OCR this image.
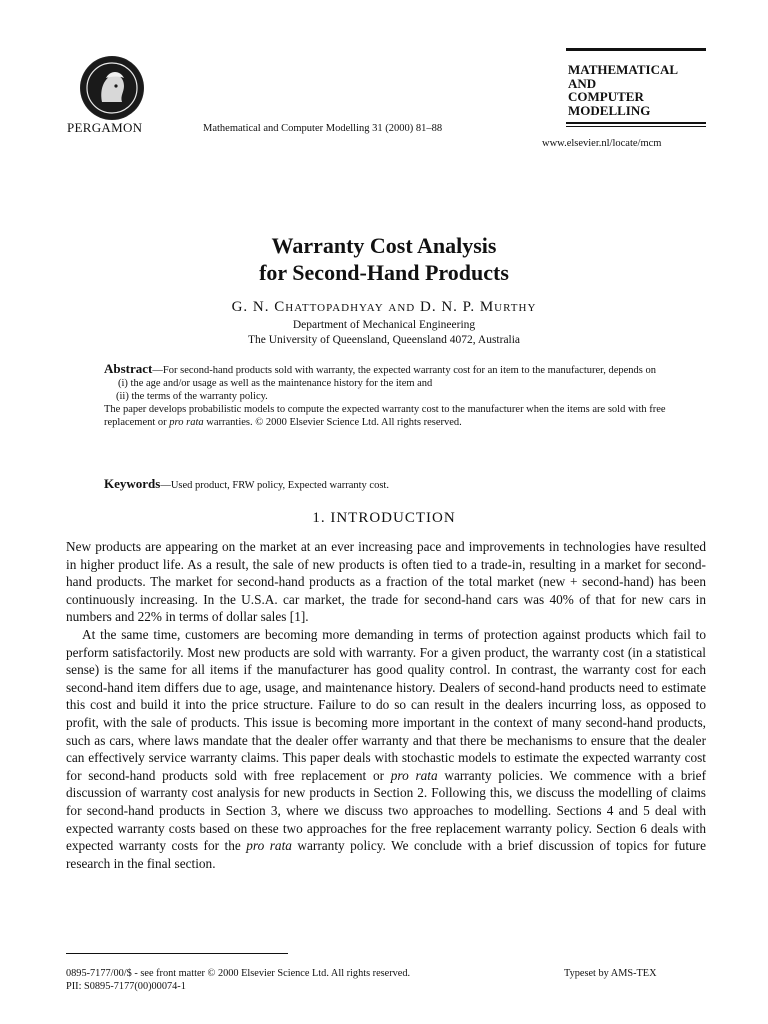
PERGAMON	Mathematical and Computer Modelling 31 (2000) 81–88
MATHEMATICAL
AND
COMPUTER
MODELLING
www.elsevier.nl/locate/mcm
Warranty Cost Analysis
for Second-Hand Products
G. N. Chattopadhyay and D. N. P. Murthy
Department of Mechanical Engineering
The University of Queensland, Queensland 4072, Australia

Abstract—For second-hand products sold with warranty, the expected warranty cost for an item to the manufacturer, depends on

(i) the age and/or usage as well as the maintenance history for the item and
(ii) the terms of the warranty policy.

The paper develops probabilistic models to compute the expected warranty cost to the manufacturer when the items are sold with free replacement or pro rata warranties. © 2000 Elsevier Science Ltd. All rights reserved.

Keywords—Used product, FRW policy, Expected warranty cost.
1. INTRODUCTION

New products are appearing on the market at an ever increasing pace and improvements in technologies have resulted in higher product life. As a result, the sale of new products is often tied to a trade-in, resulting in a market for second-hand products. The market for second-hand products as a fraction of the total market (new + second-hand) has been continuously increasing. In the U.S.A. car market, the trade for second-hand cars was 40% of that for new cars in numbers and 22% in terms of dollar sales [1].

At the same time, customers are becoming more demanding in terms of protection against products which fail to perform satisfactorily. Most new products are sold with warranty. For a given product, the warranty cost (in a statistical sense) is the same for all items if the manufacturer has good quality control. In contrast, the warranty cost for each second-hand item differs due to age, usage, and maintenance history. Dealers of second-hand products need to estimate this cost and build it into the price structure. Failure to do so can result in the dealers incurring loss, as opposed to profit, with the sale of products. This issue is becoming more important in the context of many second-hand products, such as cars, where laws mandate that the dealer offer warranty and that there be mechanisms to ensure that the dealer can effectively service warranty claims. This paper deals with stochastic models to estimate the expected warranty cost for second-hand products sold with free replacement or pro rata warranty policies. We commence with a brief discussion of warranty cost analysis for new products in Section 2. Following this, we discuss the modelling of claims for second-hand products in Section 3, where we discuss two approaches to modelling. Sections 4 and 5 deal with expected warranty costs based on these two approaches for the free replacement warranty policy. Section 6 deals with expected warranty costs for the pro rata warranty policy. We conclude with a brief discussion of topics for future research in the final section.

0895-7177/00/$ - see front matter © 2000 Elsevier Science Ltd. All rights reserved.	Typeset by AMS-TEX
PII: S0895-7177(00)00074-1
